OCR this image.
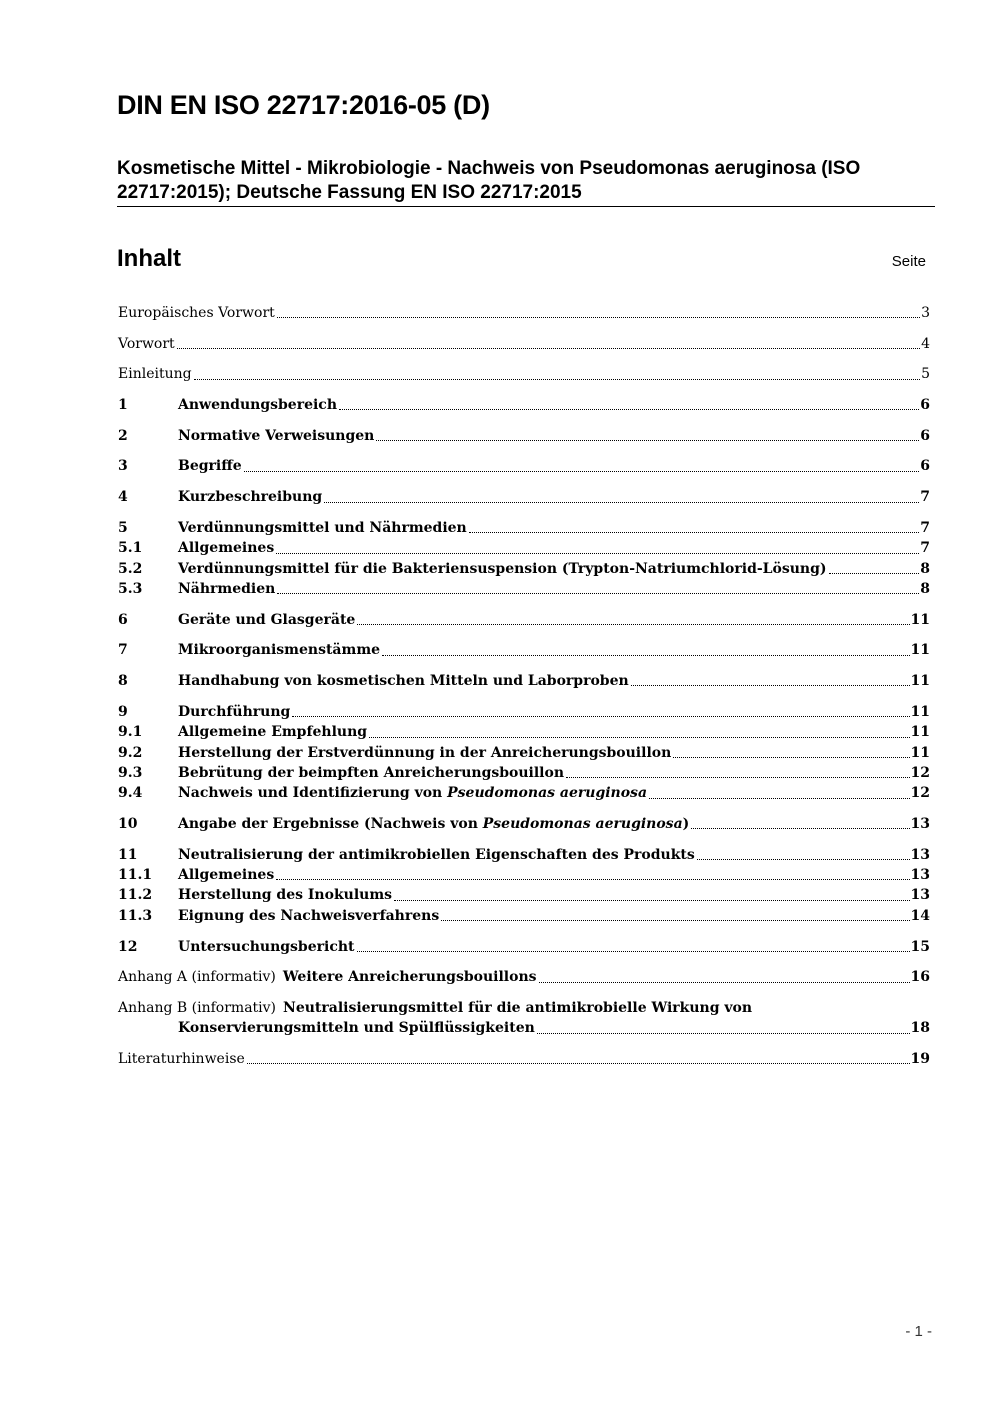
DIN EN ISO 22717:2016-05 (D)
Kosmetische Mittel - Mikrobiologie - Nachweis von Pseudomonas aeruginosa (ISO 22717:2015); Deutsche Fassung EN ISO 22717:2015
Inhalt	Seite
Europäisches Vorwort	3
Vorwort	4
Einleitung	5
1	Anwendungsbereich	6
2	Normative Verweisungen	6
3	Begriffe	6
4	Kurzbeschreibung	7
5	Verdünnungsmittel und Nährmedien	7
5.1	Allgemeines	7
5.2	Verdünnungsmittel für die Bakteriensuspension (Trypton-Natriumchlorid-Lösung)	8
5.3	Nährmedien	8
6	Geräte und Glasgeräte	11
7	Mikroorganismenstämme	11
8	Handhabung von kosmetischen Mitteln und Laborproben	11
9	Durchführung	11
9.1	Allgemeine Empfehlung	11
9.2	Herstellung der Erstverdünnung in der Anreicherungsbouillon	11
9.3	Bebrütung der beimpften Anreicherungsbouillon	12
9.4	Nachweis und Identifizierung von Pseudomonas aeruginosa	12
10	Angabe der Ergebnisse (Nachweis von Pseudomonas aeruginosa)	13
11	Neutralisierung der antimikrobiellen Eigenschaften des Produkts	13
11.1	Allgemeines	13
11.2	Herstellung des Inokulums	13
11.3	Eignung des Nachweisverfahrens	14
12	Untersuchungsbericht	15
Anhang A (informativ) Weitere Anreicherungsbouillons	16
Anhang B (informativ) Neutralisierungsmittel für die antimikrobielle Wirkung von
Konservierungsmitteln und Spülflüssigkeiten	18
Literaturhinweise	19
- 1 -
